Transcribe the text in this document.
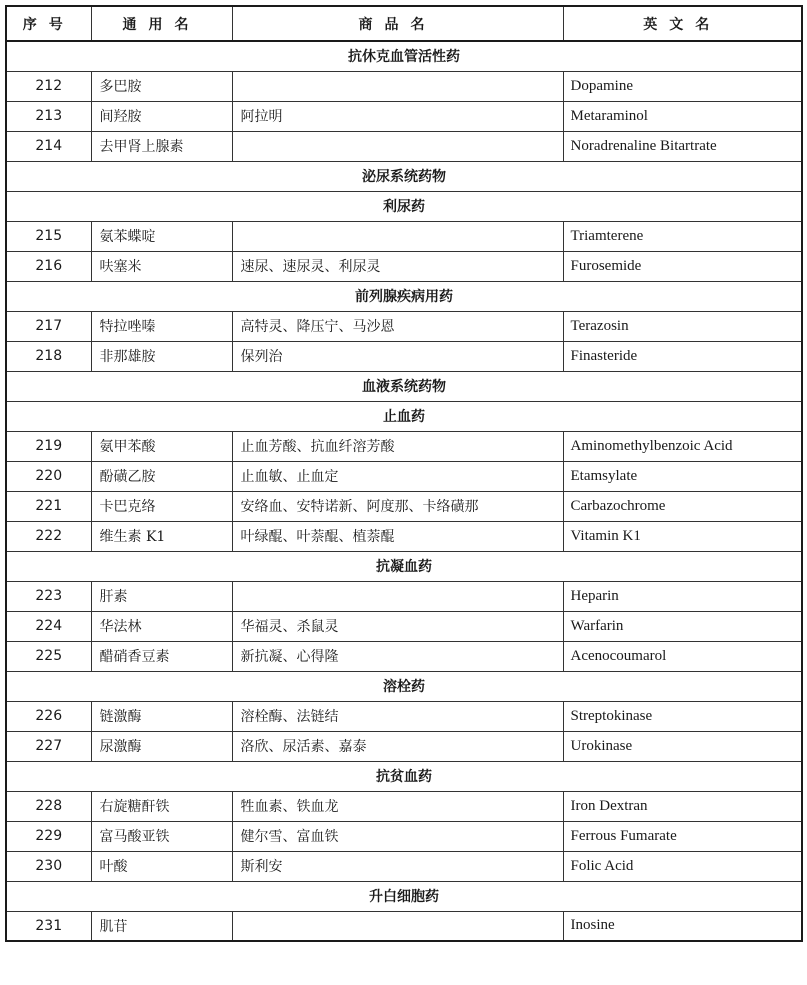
序号	通用名	商品名	英文名
抗休克血管活性药			
212	多巴胺		Dopamine
213	间羟胺	阿拉明	Metaraminol
214	去甲肾上腺素		Noradrenaline Bitartrate
泌尿系统药物			
利尿药			
215	氨苯蝶啶		Triamterene
216	呋塞米	速尿、速尿灵、利尿灵	Furosemide
前列腺疾病用药			
217	特拉唑嗪	高特灵、降压宁、马沙恩	Terazosin
218	非那雄胺	保列治	Finasteride
血液系统药物			
止血药			
219	氨甲苯酸	止血芳酸、抗血纤溶芳酸	Aminomethylbenzoic Acid
220	酚磺乙胺	止血敏、止血定	Etamsylate
221	卡巴克络	安络血、安特诺新、阿度那、卡络磺那	Carbazochrome
222	维生素 K1	叶绿醌、叶萘醌、植萘醌	Vitamin K1
抗凝血药			
223	肝素		Heparin
224	华法林	华福灵、杀鼠灵	Warfarin
225	醋硝香豆素	新抗凝、心得隆	Acenocoumarol
溶栓药			
226	链激酶	溶栓酶、法链结	Streptokinase
227	尿激酶	洛欣、尿活素、嘉泰	Urokinase
抗贫血药			
228	右旋糖酐铁	牲血素、铁血龙	Iron Dextran
229	富马酸亚铁	健尔雪、富血铁	Ferrous Fumarate
230	叶酸	斯利安	Folic Acid
升白细胞药			
231	肌苷		Inosine
